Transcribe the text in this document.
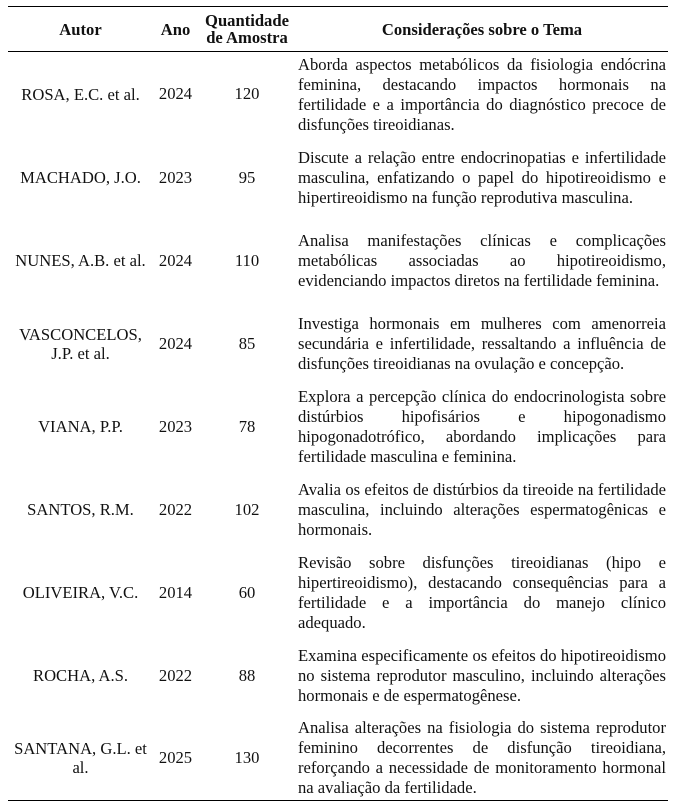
Autor	Ano	Quantidade de Amostra	Considerações sobre o Tema
ROSA, E.C. et al.	2024	120	Aborda aspectos metabólicos da fisiologia endócrina feminina, destacando impactos hormonais na fertilidade e a importância do diagnóstico precoce de disfunções tireoidianas.
MACHADO, J.O.	2023	95	Discute a relação entre endocrinopatias e infertilidade masculina, enfatizando o papel do hipotireoidismo e hipertireoidismo na função reprodutiva masculina.
NUNES, A.B. et al.	2024	110	Analisa manifestações clínicas e complicações metabólicas associadas ao hipotireoidismo, evidenciando impactos diretos na fertilidade feminina.
VASCONCELOS, J.P. et al.	2024	85	Investiga hormonais em mulheres com amenorreia secundária e infertilidade, ressaltando a influência de disfunções tireoidianas na ovulação e concepção.
VIANA, P.P.	2023	78	Explora a percepção clínica do endocrinologista sobre distúrbios hipofisários e hipogonadismo hipogonadotrófico, abordando implicações para fertilidade masculina e feminina.
SANTOS, R.M.	2022	102	Avalia os efeitos de distúrbios da tireoide na fertilidade masculina, incluindo alterações espermatogênicas e hormonais.
OLIVEIRA, V.C.	2014	60	Revisão sobre disfunções tireoidianas (hipo e hipertireoidismo), destacando consequências para a fertilidade e a importância do manejo clínico adequado.
ROCHA, A.S.	2022	88	Examina especificamente os efeitos do hipotireoidismo no sistema reprodutor masculino, incluindo alterações hormonais e de espermatogênese.
SANTANA, G.L. et al.	2025	130	Analisa alterações na fisiologia do sistema reprodutor feminino decorrentes de disfunção tireoidiana, reforçando a necessidade de monitoramento hormonal na avaliação da fertilidade.
